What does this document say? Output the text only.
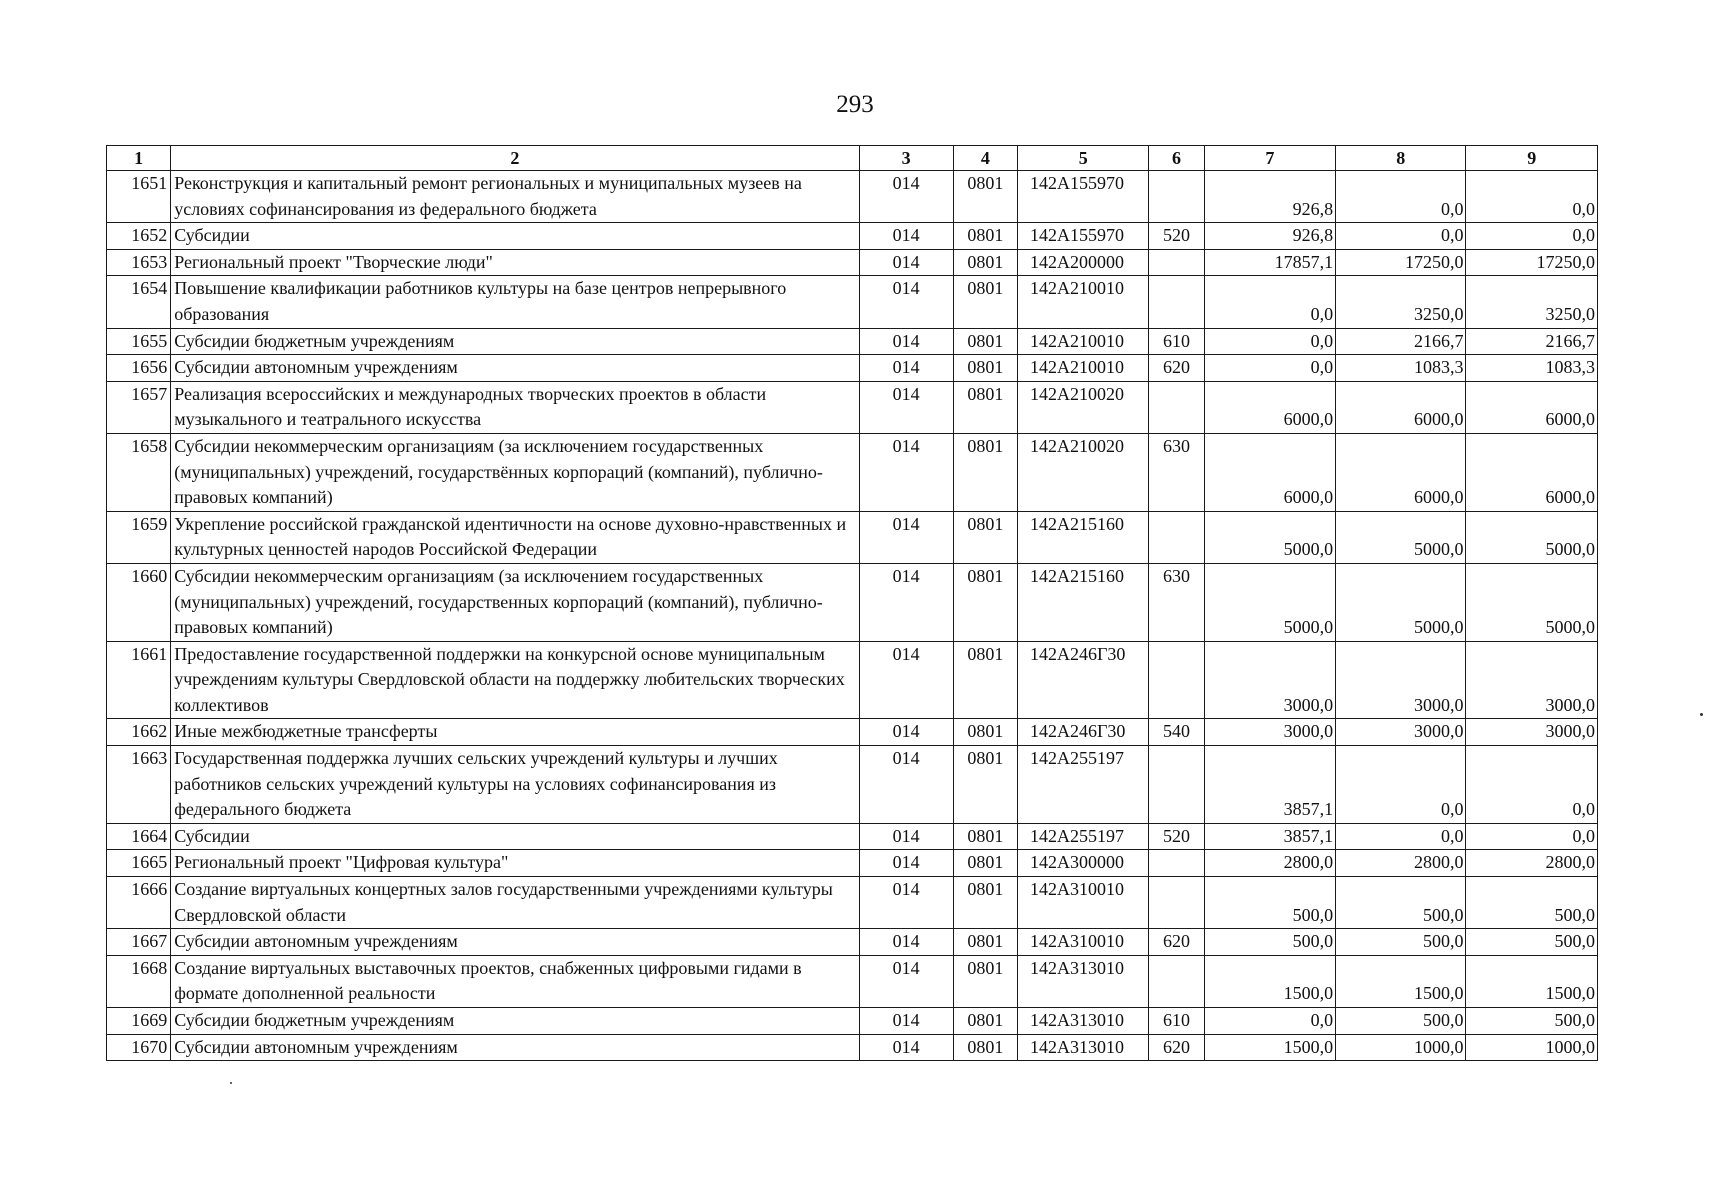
293
1	2	3	4	5	6	7	8	9
1651	Реконструкция и капитальный ремонт региональных и муниципальных музеев на условиях софинансирования из федерального бюджета	014	0801	142A155970		926,8	0,0	0,0
1652	Субсидии	014	0801	142A155970	520	926,8	0,0	0,0
1653	Региональный проект "Творческие люди"	014	0801	142A200000		17857,1	17250,0	17250,0
1654	Повышение квалификации работников культуры на базе центров непрерывного образования	014	0801	142A210010		0,0	3250,0	3250,0
1655	Субсидии бюджетным учреждениям	014	0801	142A210010	610	0,0	2166,7	2166,7
1656	Субсидии автономным учреждениям	014	0801	142A210010	620	0,0	1083,3	1083,3
1657	Реализация всероссийских и международных творческих проектов в области музыкального и театрального искусства	014	0801	142A210020		6000,0	6000,0	6000,0
1658	Субсидии некоммерческим организациям (за исключением государственных (муниципальных) учреждений, государствённых корпораций (компаний), публично-правовых компаний)	014	0801	142A210020	630	6000,0	6000,0	6000,0
1659	Укрепление российской гражданской идентичности на основе духовно-нравственных и культурных ценностей народов Российской Федерации	014	0801	142A215160		5000,0	5000,0	5000,0
1660	Субсидии некоммерческим организациям (за исключением государственных (муниципальных) учреждений, государственных корпораций (компаний), публично-правовых компаний)	014	0801	142A215160	630	5000,0	5000,0	5000,0
1661	Предоставление государственной поддержки на конкурсной основе муниципальным учреждениям культуры Свердловской области на поддержку любительских творческих коллективов	014	0801	142A246Г30		3000,0	3000,0	3000,0
1662	Иные межбюджетные трансферты	014	0801	142A246Г30	540	3000,0	3000,0	3000,0
1663	Государственная поддержка лучших сельских учреждений культуры и лучших работников сельских учреждений культуры на условиях софинансирования из федерального бюджета	014	0801	142A255197		3857,1	0,0	0,0
1664	Субсидии	014	0801	142A255197	520	3857,1	0,0	0,0
1665	Региональный проект "Цифровая культура"	014	0801	142A300000		2800,0	2800,0	2800,0
1666	Создание виртуальных концертных залов государственными учреждениями культуры Свердловской области	014	0801	142A310010		500,0	500,0	500,0
1667	Субсидии автономным учреждениям	014	0801	142A310010	620	500,0	500,0	500,0
1668	Создание виртуальных выставочных проектов, снабженных цифровыми гидами в формате дополненной реальности	014	0801	142A313010		1500,0	1500,0	1500,0
1669	Субсидии бюджетным учреждениям	014	0801	142A313010	610	0,0	500,0	500,0
1670	Субсидии автономным учреждениям	014	0801	142A313010	620	1500,0	1000,0	1000,0
